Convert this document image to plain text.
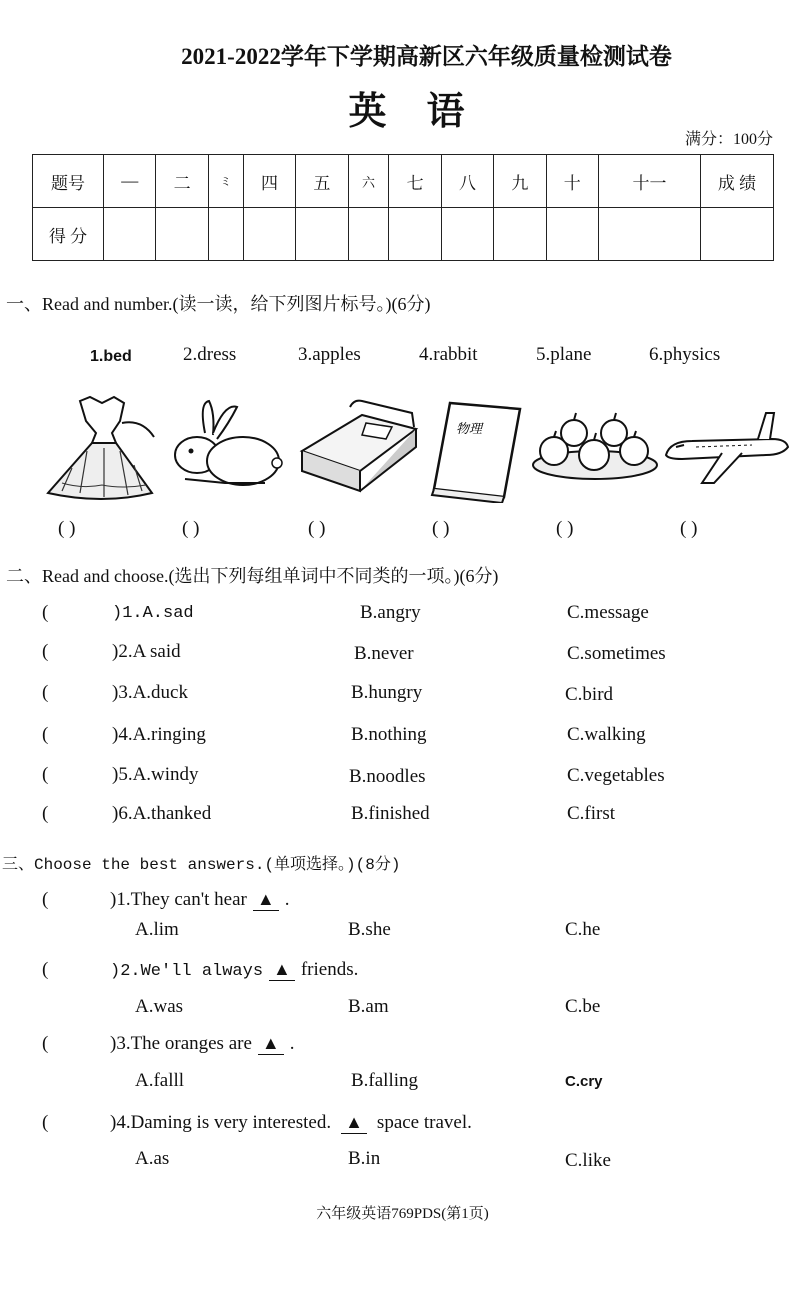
2021-2022学年下学期高新区六年级质量检测试卷
英语
满分：100分
题号	—	二	ミ	四	五	六	七	八	九	十	十一	成 绩
得 分												
一、Read and number.(读一读，给下列图片标号。)(6分)
1.bed	2.dress	3.apples	4.rabbit	5.plane	6.physics
物理
( )	( )	( )	( )	( )	( )
二、Read and choose.(选出下列每组单词中不同类的一项。)(6分)
(	)1.A.sad	B.angry	C.message
(	)2.A said	B.never	C.sometimes
(	)3.A.duck	B.hungry	C.bird
(	)4.A.ringing	B.nothing	C.walking
(	)5.A.windy	B.noodles	C.vegetables
(	)6.A.thanked	B.finished	C.first
三、Choose the best answers.(单项选择。)(8分)
(	)1.They can't hear ▲ .
A.lim	B.she	C.he
(	)2.We'll always ▲ friends.
A.was	B.am	C.be
(	)3.The oranges are ▲ .
A.falll	B.falling	C.cry
(	)4.Daming is very interested. ▲ space travel.
A.as	B.in	C.like
六年级英语769PDS(第1页)
